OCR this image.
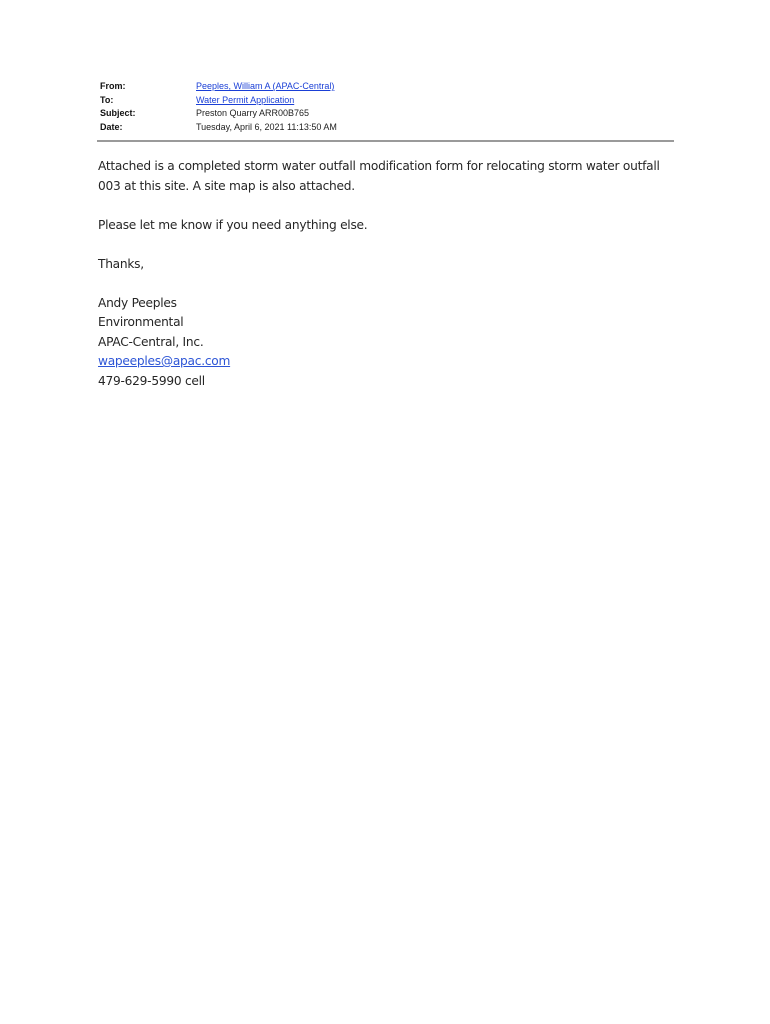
From:	Peeples, William A (APAC-Central)
To:	Water Permit Application
Subject:	Preston Quarry ARR00B765
Date:	Tuesday, April 6, 2021 11:13:50 AM
Attached is a completed storm water outfall modification form for relocating storm water outfall
003 at this site. A site map is also attached.
Please let me know if you need anything else.
Thanks,
Andy Peeples
Environmental
APAC-Central, Inc.
wapeeples@apac.com
479-629-5990 cell
